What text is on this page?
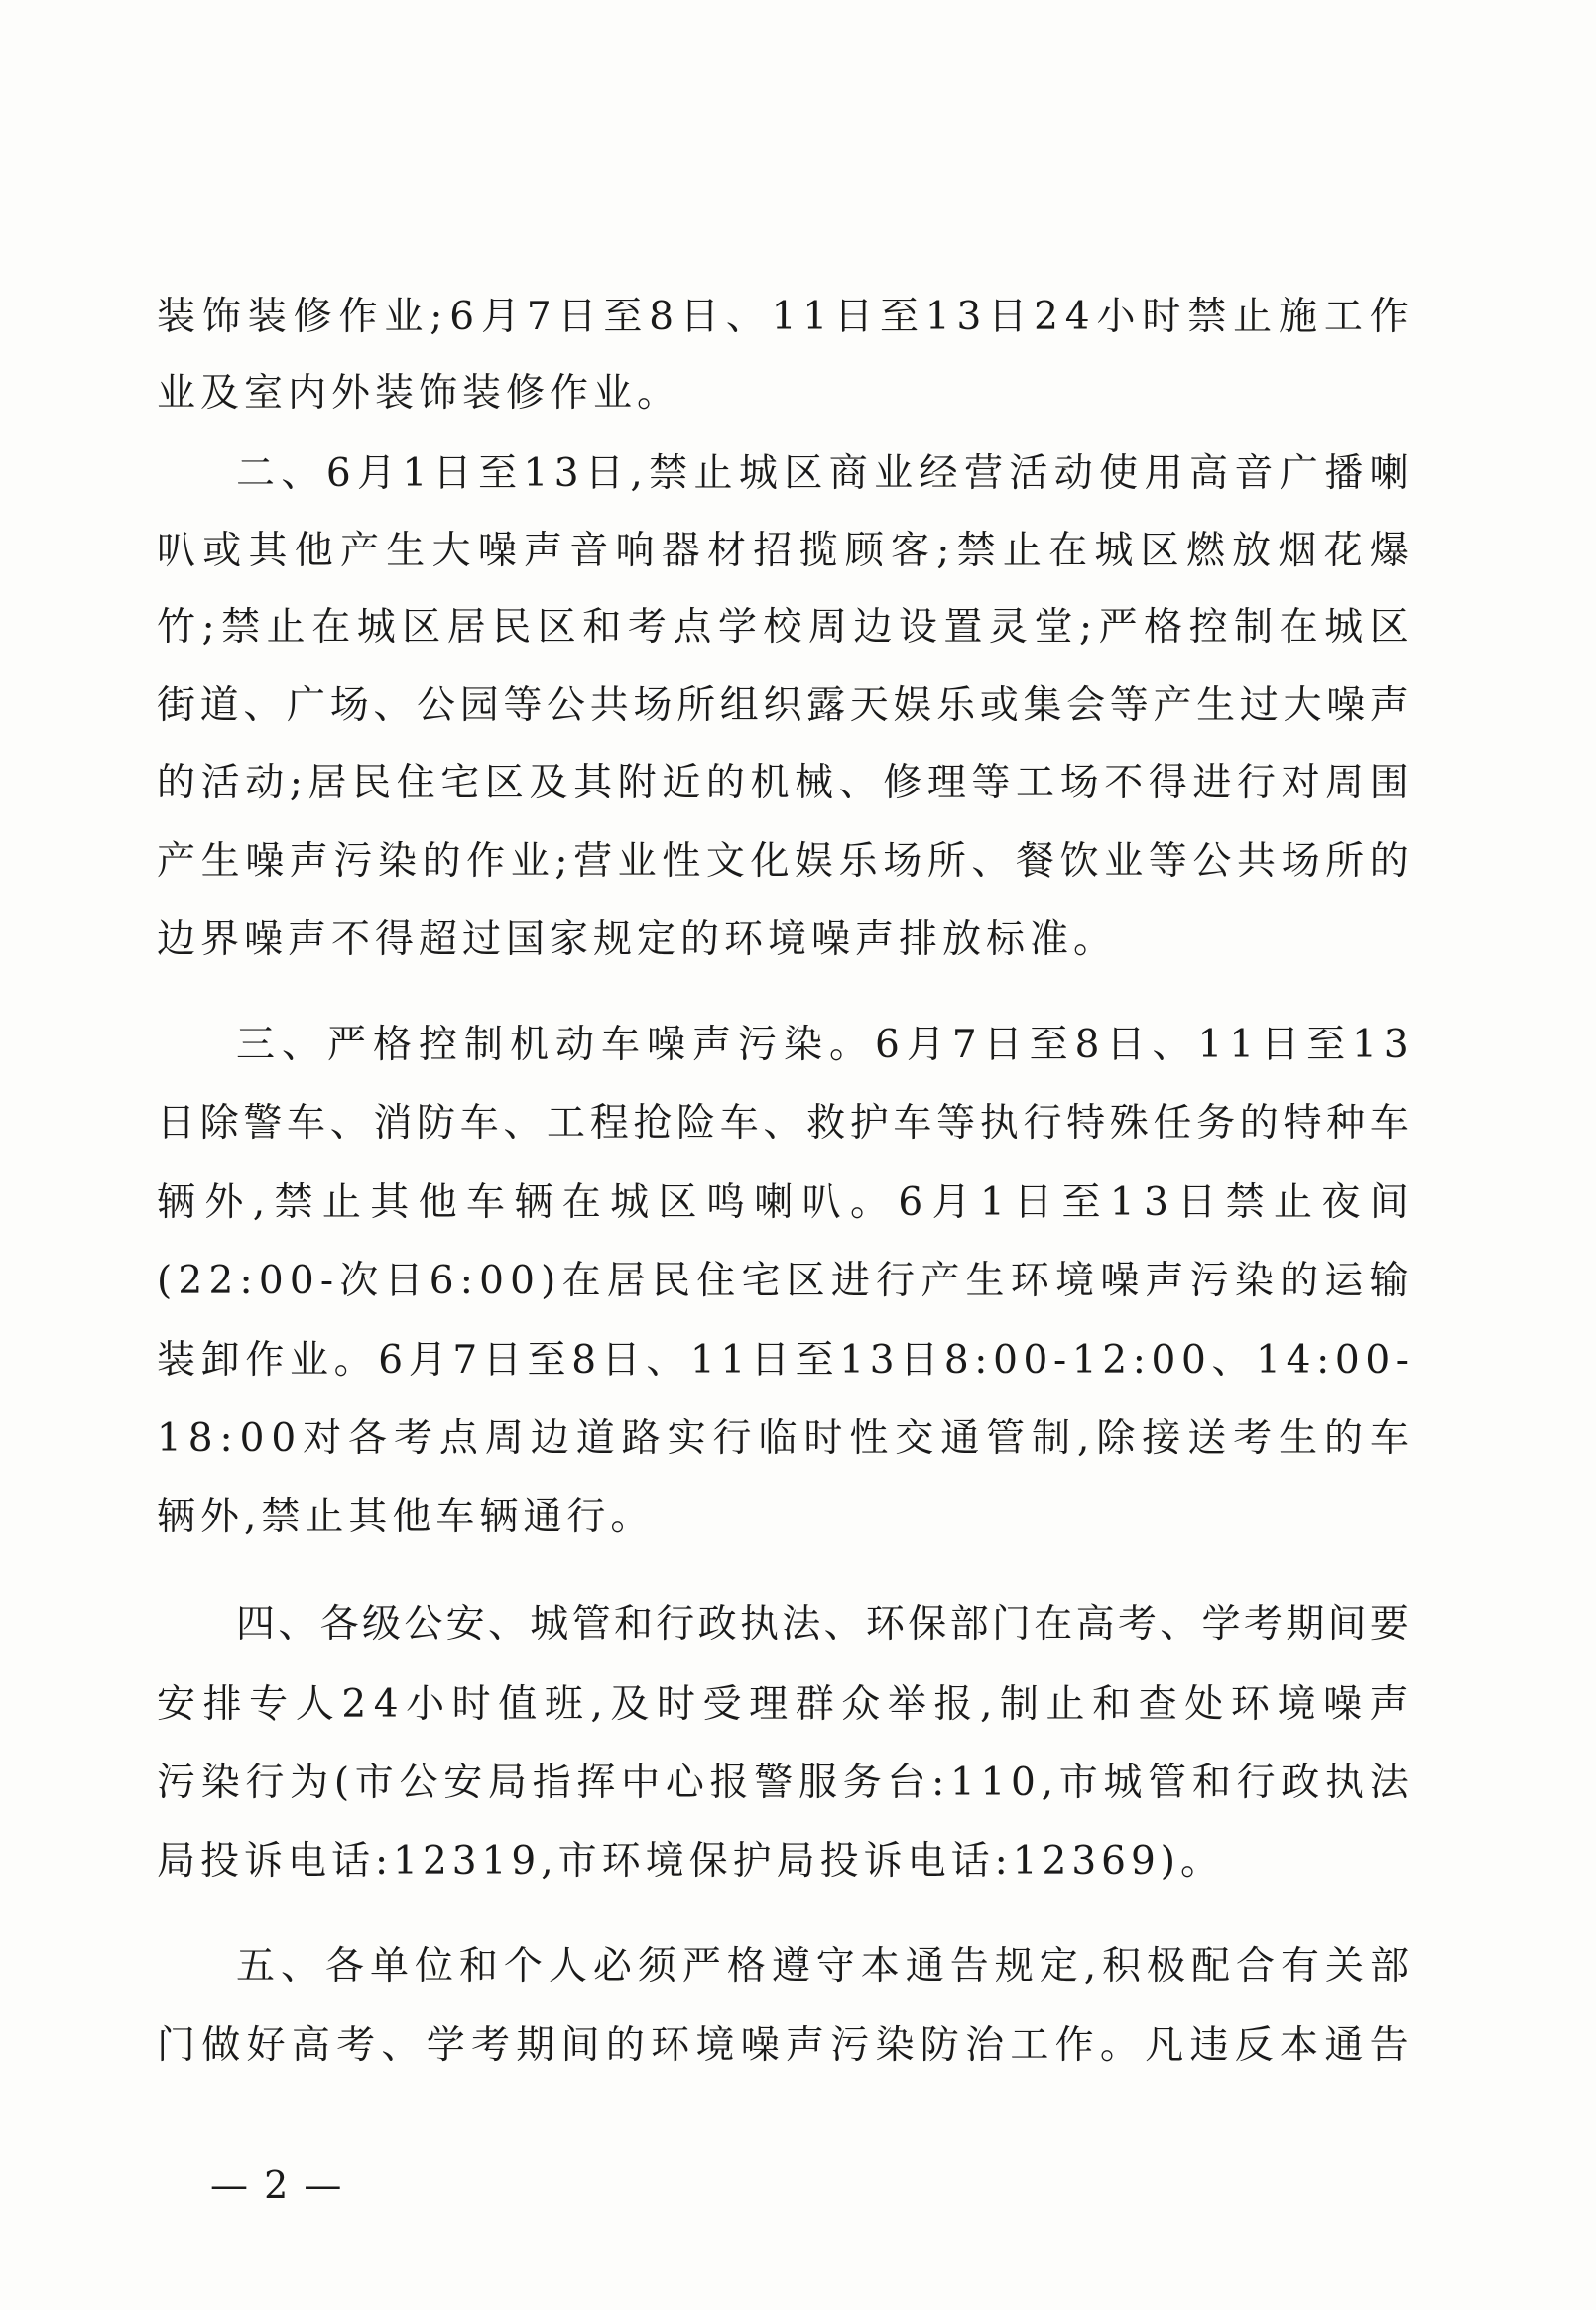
装 饰 装 修 作 业 ; 6 月 7 日 至 8 日 、 1 1 日 至 1 3 日 2 4 小 时 禁 止 施 工 作
业及室内外装饰装修作业。
二 、 6 月 1 日 至 1 3 日 , 禁 止 城 区 商 业 经 营 活 动 使 用 高 音 广 播 喇
叭 或 其 他 产 生 大 噪 声 音 响 器 材 招 揽 顾 客 ; 禁 止 在 城 区 燃 放 烟 花 爆
竹 ; 禁 止 在 城 区 居 民 区 和 考 点 学 校 周 边 设 置 灵 堂 ; 严 格 控 制 在 城 区
街 道 、 广 场 、 公 园 等 公 共 场 所 组 织 露 天 娱 乐 或 集 会 等 产 生 过 大 噪 声
的 活 动 ; 居 民 住 宅 区 及 其 附 近 的 机 械 、 修 理 等 工 场 不 得 进 行 对 周 围
产 生 噪 声 污 染 的 作 业 ; 营 业 性 文 化 娱 乐 场 所 、 餐 饮 业 等 公 共 场 所 的
边界噪声不得超过国家规定的环境噪声排放标准。
三 、 严 格 控 制 机 动 车 噪 声 污 染 。 6 月 7 日 至 8 日 、 1 1 日 至 1 3
日 除 警 车 、 消 防 车 、 工 程 抢 险 车 、 救 护 车 等 执 行 特 殊 任 务 的 特 种 车
辆 外 , 禁 止 其 他 车 辆 在 城 区 鸣 喇 叭 。 6 月 1 日 至 1 3 日 禁 止 夜 间
( 2 2 : 0 0 - 次 日 6 : 0 0 ) 在 居 民 住 宅 区 进 行 产 生 环 境 噪 声 污 染 的 运 输
装 卸 作 业 。 6 月 7 日 至 8 日 、 1 1 日 至 1 3 日 8 : 0 0 - 1 2 : 0 0 、 1 4 : 0 0 -
1 8 : 0 0 对 各 考 点 周 边 道 路 实 行 临 时 性 交 通 管 制 , 除 接 送 考 生 的 车
辆外,禁止其他车辆通行。
四 、 各 级 公 安 、 城 管 和 行 政 执 法 、 环 保 部 门 在 高 考 、 学 考 期 间 要
安 排 专 人 2 4 小 时 值 班 , 及 时 受 理 群 众 举 报 , 制 止 和 查 处 环 境 噪 声
污 染 行 为 ( 市 公 安 局 指 挥 中 心 报 警 服 务 台 : 1 1 0 , 市 城 管 和 行 政 执 法
局投诉电话:12319,市环境保护局投诉电话:12369)。
五 、 各 单 位 和 个 人 必 须 严 格 遵 守 本 通 告 规 定 , 积 极 配 合 有 关 部
门 做 好 高 考 、 学 考 期 间 的 环 境 噪 声 污 染 防 治 工 作 。 凡 违 反 本 通 告
— 2 —
